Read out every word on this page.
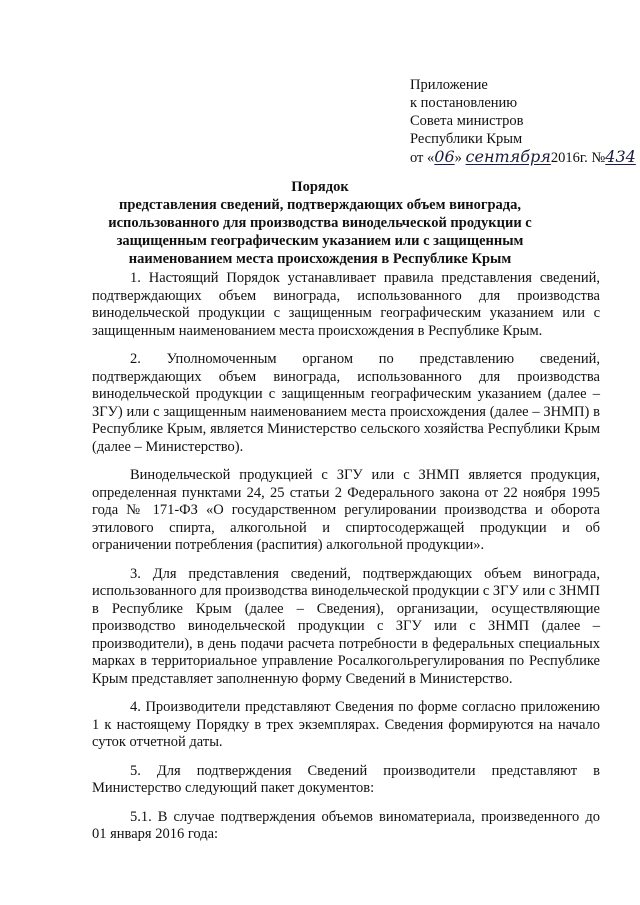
Приложение
к постановлению
Совета министров
Республики Крым
от «06» сентября2016г. №434
Порядок
представления сведений, подтверждающих объем винограда,
использованного для производства винодельческой продукции с
защищенным географическим указанием или с защищенным
наименованием места происхождения в Республике Крым

1. Настоящий Порядок устанавливает правила представления сведений, подтверждающих объем винограда, использованного для производства винодельческой продукции с защищенным географическим указанием или с защищенным наименованием места происхождения в Республике Крым.

2. Уполномоченным органом по представлению сведений, подтверждающих объем винограда, использованного для производства винодельческой продукции с защищенным географическим указанием (далее – ЗГУ) или с защищенным наименованием места происхождения (далее – ЗНМП) в Республике Крым, является Министерство сельского хозяйства Республики Крым (далее – Министерство).

Винодельческой продукцией с ЗГУ или с ЗНМП является продукция, определенная пунктами 24, 25 статьи 2 Федерального закона от 22 ноября 1995 года № 171-ФЗ «О государственном регулировании производства и оборота этилового спирта, алкогольной и спиртосодержащей продукции и об ограничении потребления (распития) алкогольной продукции».

3. Для представления сведений, подтверждающих объем винограда, использованного для производства винодельческой продукции с ЗГУ или с ЗНМП в Республике Крым (далее – Сведения), организации, осуществляющие производство винодельческой продукции с ЗГУ или с ЗНМП (далее – производители), в день подачи расчета потребности в федеральных специальных марках в территориальное управление Росалкогольрегулирования по Республике Крым представляет заполненную форму Сведений в Министерство.

4. Производители представляют Сведения по форме согласно приложению 1 к настоящему Порядку в трех экземплярах. Сведения формируются на начало суток отчетной даты.

5. Для подтверждения Сведений производители представляют в Министерство следующий пакет документов:

5.1. В случае подтверждения объемов виноматериала, произведенного до 01 января 2016 года:
